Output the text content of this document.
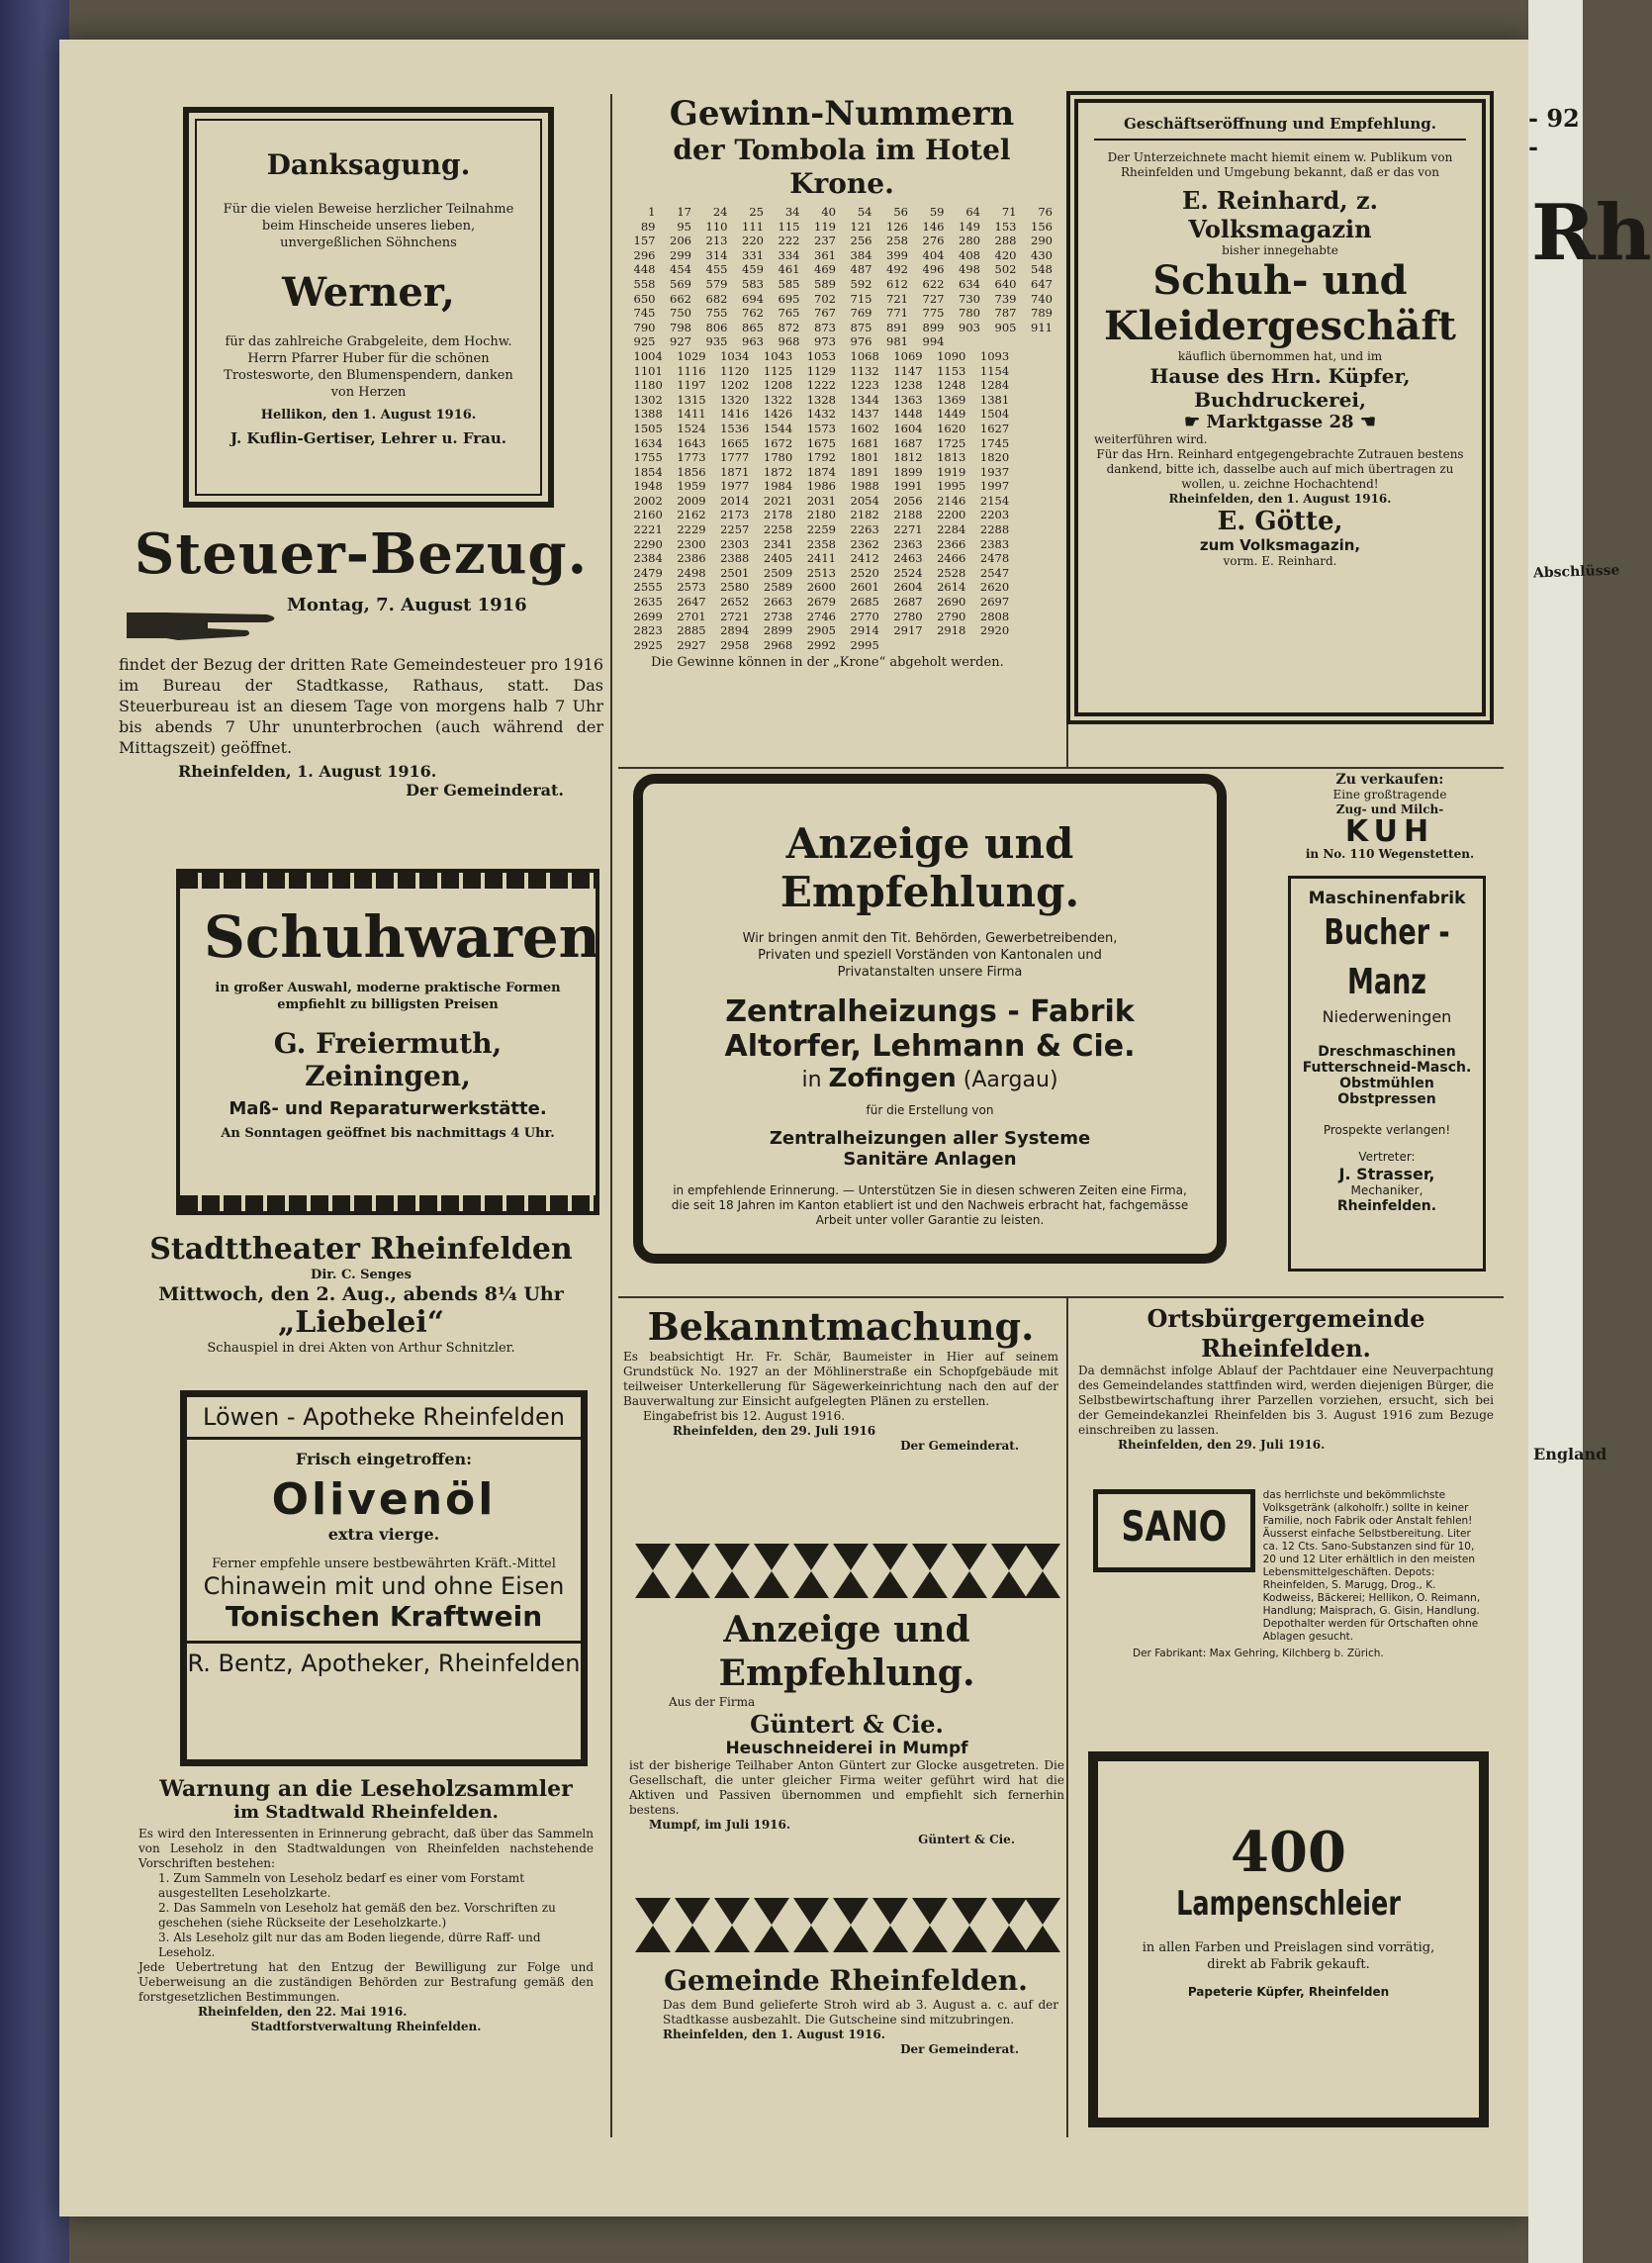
Danksagung.

Für die vielen Beweise herzlicher Teilnahme beim Hinscheide unseres lieben, unvergeßlichen Söhnchens

Werner,

für das zahlreiche Grabgeleite, dem Hochw. Herrn Pfarrer Huber für die schönen Trostesworte, den Blumenspendern, danken von Herzen

Hellikon, den 1. August 1916.

J. Kuflin-Gertiser, Lehrer u. Frau.

Steuer-Bezug.

Montag, 7. August 1916

findet der Bezug der dritten Rate Gemeindesteuer pro 1916 im Bureau der Stadtkasse, Rathaus, statt. Das Steuerbureau ist an diesem Tage von morgens halb 7 Uhr bis abends 7 Uhr ununterbrochen (auch während der Mittagszeit) geöffnet.

Rheinfelden, 1. August 1916.

Der Gemeinderat.

Schuhwaren

in großer Auswahl, moderne praktische Formen empfiehlt zu billigsten Preisen

G. Freiermuth, Zeiningen,

Maß- und Reparaturwerkstätte.

An Sonntagen geöffnet bis nachmittags 4 Uhr.

Stadttheater Rheinfelden

Dir. C. Senges

Mittwoch, den 2. Aug., abends 8¼ Uhr

„Liebelei“

Schauspiel in drei Akten von Arthur Schnitzler.

Löwen - Apotheke Rheinfelden

Frisch eingetroffen:

Olivenöl

extra vierge.

Ferner empfehle unsere bestbewährten Kräft.-Mittel

Chinawein mit und ohne Eisen

Tonischen Kraftwein

R. Bentz, Apotheker, Rheinfelden

Warnung an die Leseholzsammler

im Stadtwald Rheinfelden.

Es wird den Interessenten in Erinnerung gebracht, daß über das Sammeln von Leseholz in den Stadtwaldungen von Rheinfelden nachstehende Vorschriften bestehen:

1. Zum Sammeln von Leseholz bedarf es einer vom Forstamt ausgestellten Leseholzkarte.

2. Das Sammeln von Leseholz hat gemäß den bez. Vorschriften zu geschehen (siehe Rückseite der Leseholzkarte.)

3. Als Leseholz gilt nur das am Boden liegende, dürre Raff- und Leseholz.

Jede Uebertretung hat den Entzug der Bewilligung zur Folge und Ueberweisung an die zuständigen Behörden zur Bestrafung gemäß den forstgesetzlichen Bestimmungen.

Rheinfelden, den 22. Mai 1916.

Stadtforstverwaltung Rheinfelden.

Gewinn-Nummern

der Tombola im Hotel Krone.

1	17	24	25	34	40	54	56	59	64	71	76
89	95	110	111	115	119	121	126	146	149	153	156
157	206	213	220	222	237	256	258	276	280	288	290
296	299	314	331	334	361	384	399	404	408	420	430
448	454	455	459	461	469	487	492	496	498	502	548
558	569	579	583	585	589	592	612	622	634	640	647
650	662	682	694	695	702	715	721	727	730	739	740
745	750	755	762	765	767	769	771	775	780	787	789
790	798	806	865	872	873	875	891	899	903	905	911
925	927	935	963	968	973	976	981	994
1004	1029	1034	1043	1053	1068	1069	1090	1093
1101	1116	1120	1125	1129	1132	1147	1153	1154
1180	1197	1202	1208	1222	1223	1238	1248	1284
1302	1315	1320	1322	1328	1344	1363	1369	1381
1388	1411	1416	1426	1432	1437	1448	1449	1504
1505	1524	1536	1544	1573	1602	1604	1620	1627
1634	1643	1665	1672	1675	1681	1687	1725	1745
1755	1773	1777	1780	1792	1801	1812	1813	1820
1854	1856	1871	1872	1874	1891	1899	1919	1937
1948	1959	1977	1984	1986	1988	1991	1995	1997
2002	2009	2014	2021	2031	2054	2056	2146	2154
2160	2162	2173	2178	2180	2182	2188	2200	2203
2221	2229	2257	2258	2259	2263	2271	2284	2288
2290	2300	2303	2341	2358	2362	2363	2366	2383
2384	2386	2388	2405	2411	2412	2463	2466	2478
2479	2498	2501	2509	2513	2520	2524	2528	2547
2555	2573	2580	2589	2600	2601	2604	2614	2620
2635	2647	2652	2663	2679	2685	2687	2690	2697
2699	2701	2721	2738	2746	2770	2780	2790	2808
2823	2885	2894	2899	2905	2914	2917	2918	2920
2925	2927	2958	2968	2992	2995

Die Gewinne können in der „Krone“ abgeholt werden.

Anzeige und Empfehlung.

Wir bringen anmit den Tit. Behörden, Gewerbetreibenden, Privaten und speziell Vorständen von Kantonalen und Privatanstalten unsere Firma

Zentralheizungs - Fabrik

Altorfer, Lehmann & Cie.

in Zofingen (Aargau)

für die Erstellung von

Zentralheizungen aller Systeme

Sanitäre Anlagen

in empfehlende Erinnerung. — Unterstützen Sie in diesen schweren Zeiten eine Firma, die seit 18 Jahren im Kanton etabliert ist und den Nachweis erbracht hat, fachgemässe Arbeit unter voller Garantie zu leisten.

Bekanntmachung.

Es beabsichtigt Hr. Fr. Schär, Baumeister in Hier auf seinem Grundstück No. 1927 an der Möhlinerstraße ein Schopfgebäude mit teilweiser Unterkellerung für Sägewerkeinrichtung nach den auf der Bauverwaltung zur Einsicht aufgelegten Plänen zu erstellen.

Eingabefrist bis 12. August 1916.

Rheinfelden, den 29. Juli 1916

Der Gemeinderat.

Anzeige und Empfehlung.

Aus der Firma

Güntert & Cie.

Heuschneiderei in Mumpf

ist der bisherige Teilhaber Anton Güntert zur Glocke ausgetreten. Die Gesellschaft, die unter gleicher Firma weiter geführt wird hat die Aktiven und Passiven übernommen und empfiehlt sich fernerhin bestens.

Mumpf, im Juli 1916.

Güntert & Cie.

Gemeinde Rheinfelden.

Das dem Bund gelieferte Stroh wird ab 3. August a. c. auf der Stadtkasse ausbezahlt. Die Gutscheine sind mitzubringen.

Rheinfelden, den 1. August 1916.

Der Gemeinderat.

- 92 -

Geschäftseröffnung und Empfehlung.

Der Unterzeichnete macht hiemit einem w. Publikum von Rheinfelden und Umgebung bekannt, daß er das von

E. Reinhard, z. Volksmagazin

bisher innegehabte

Schuh- und

Kleidergeschäft

käuflich übernommen hat, und im

Hause des Hrn. Küpfer, Buchdruckerei,

☛ Marktgasse 28 ☚

weiterführen wird.

Für das Hrn. Reinhard entgegengebrachte Zutrauen bestens dankend, bitte ich, dasselbe auch auf mich übertragen zu wollen, u. zeichne Hochachtend!

Rheinfelden, den 1. August 1916.

E. Götte,

zum Volksmagazin,

vorm. E. Reinhard.

Zu verkaufen:

Eine großtragende

Zug- und Milch-

KUH

in No. 110 Wegenstetten.

Maschinenfabrik

Bucher - Manz

Niederweningen

Dreschmaschinen

Futterschneid-Masch.

Obstmühlen

Obstpressen

Prospekte verlangen!

Vertreter:

J. Strasser,

Mechaniker,

Rheinfelden.

Ortsbürgergemeinde Rheinfelden.

Da demnächst infolge Ablauf der Pachtdauer eine Neuverpachtung des Gemeindelandes stattfinden wird, werden diejenigen Bürger, die Selbstbewirtschaftung ihrer Parzellen vorziehen, ersucht, sich bei der Gemeindekanzlei Rheinfelden bis 3. August 1916 zum Bezuge einschreiben zu lassen.

Rheinfelden, den 29. Juli 1916.

SANO

das herrlichste und bekömmlichste Volksgetränk (alkoholfr.) sollte in keiner Familie, noch Fabrik oder Anstalt fehlen! Äusserst einfache Selbstbereitung. Liter ca. 12 Cts. Sano-Substanzen sind für 10, 20 und 12 Liter erhältlich in den meisten Lebensmittelgeschäften. Depots: Rheinfelden, S. Marugg, Drog., K. Kodweiss, Bäckerei; Hellikon, O. Reimann, Handlung; Maisprach, G. Gisin, Handlung. Depothalter werden für Ortschaften ohne Ablagen gesucht.

Der Fabrikant: Max Gehring, Kilchberg b. Zürich.

400

Lampenschleier

in allen Farben und Preislagen sind vorrätig, direkt ab Fabrik gekauft.

Papeterie Küpfer, Rheinfelden

Rh
Abschlüsse
England
